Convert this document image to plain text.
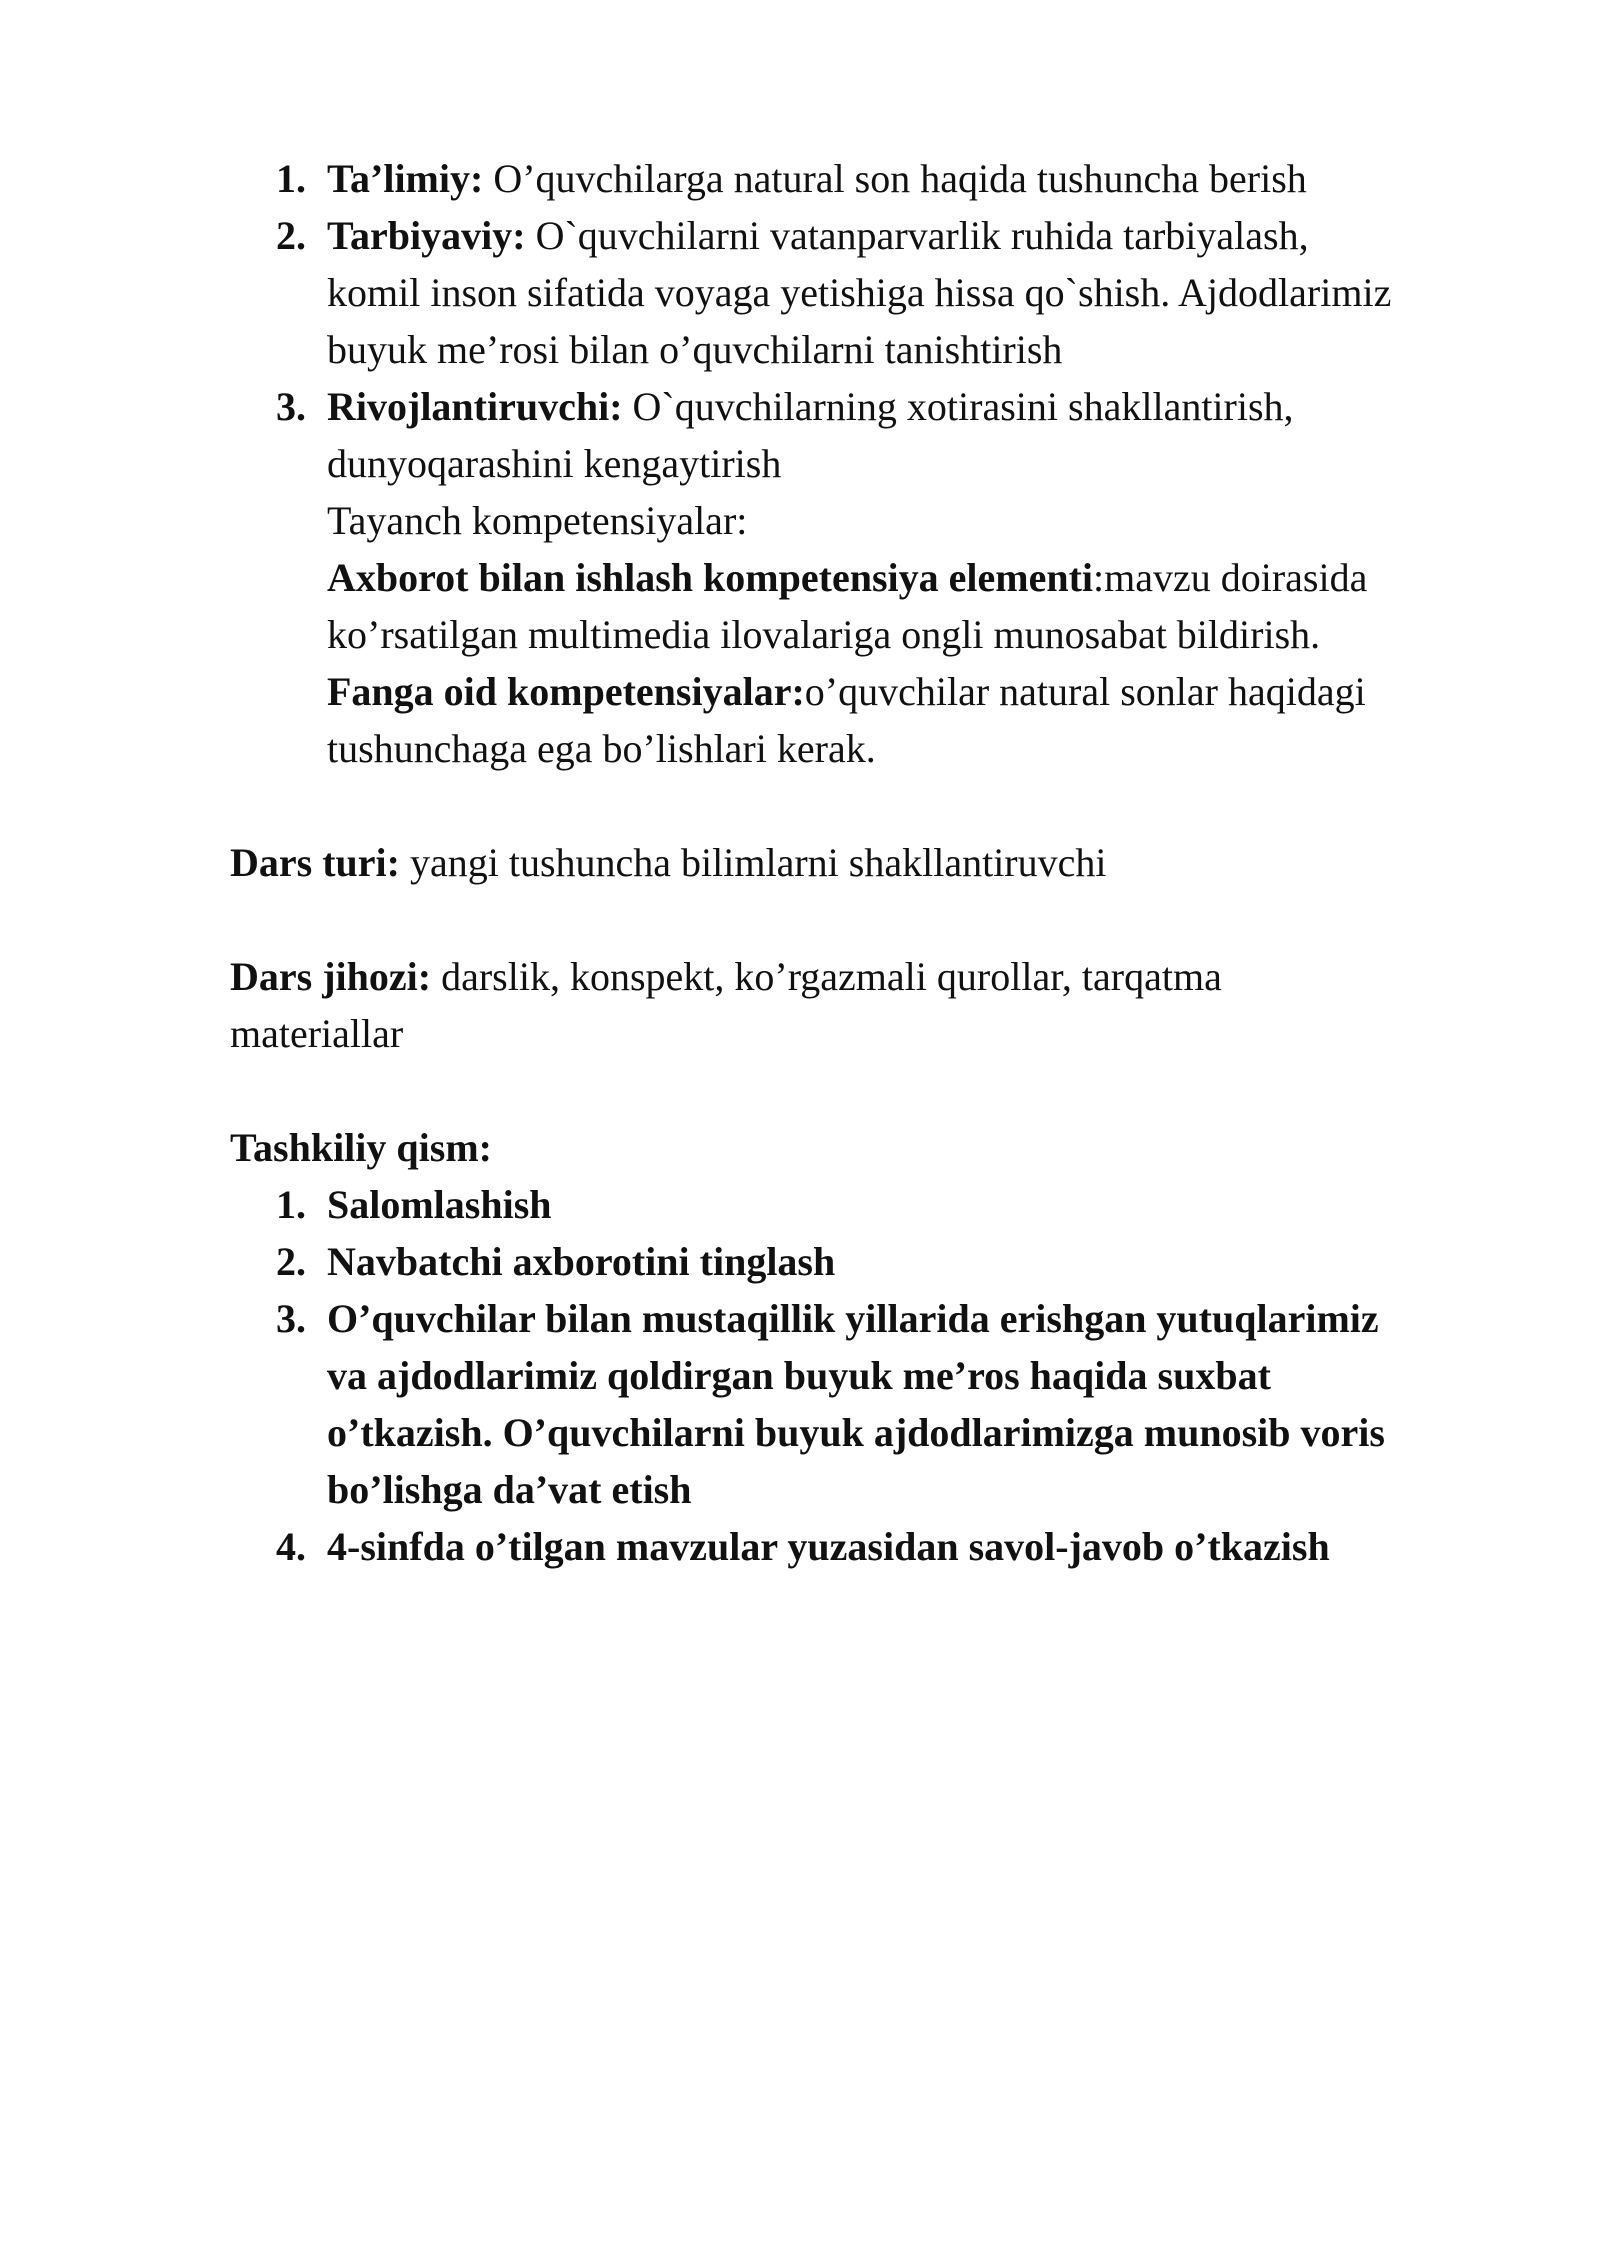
1. Ta’limiy: O’quvchilarga natural son haqida tushuncha berish
2. Tarbiyaviy: O`quvchilarni vatanparvarlik ruhida tarbiyalash,
komil inson sifatida voyaga yetishiga hissa qo`shish. Ajdodlarimiz
buyuk me’rosi bilan o’quvchilarni tanishtirish
3. Rivojlantiruvchi: O`quvchilarning xotirasini shakllantirish,
dunyoqarashini kengaytirish
Tayanch kompetensiyalar:
Axborot bilan ishlash kompetensiya elementi:mavzu doirasida
ko’rsatilgan multimedia ilovalariga ongli munosabat bildirish.
Fanga oid kompetensiyalar:o’quvchilar natural sonlar haqidagi
tushunchaga ega bo’lishlari kerak.
Dars turi: yangi tushuncha bilimlarni shakllantiruvchi
Dars jihozi: darslik, konspekt, ko’rgazmali qurollar, tarqatma
materiallar
Tashkiliy qism:
1. Salomlashish
2. Navbatchi axborotini tinglash
3. O’quvchilar bilan mustaqillik yillarida erishgan yutuqlarimiz
va ajdodlarimiz qoldirgan buyuk me’ros haqida suxbat
o’tkazish. O’quvchilarni buyuk ajdodlarimizga munosib voris
bo’lishga da’vat etish
4. 4-sinfda o’tilgan mavzular yuzasidan savol-javob o’tkazish
